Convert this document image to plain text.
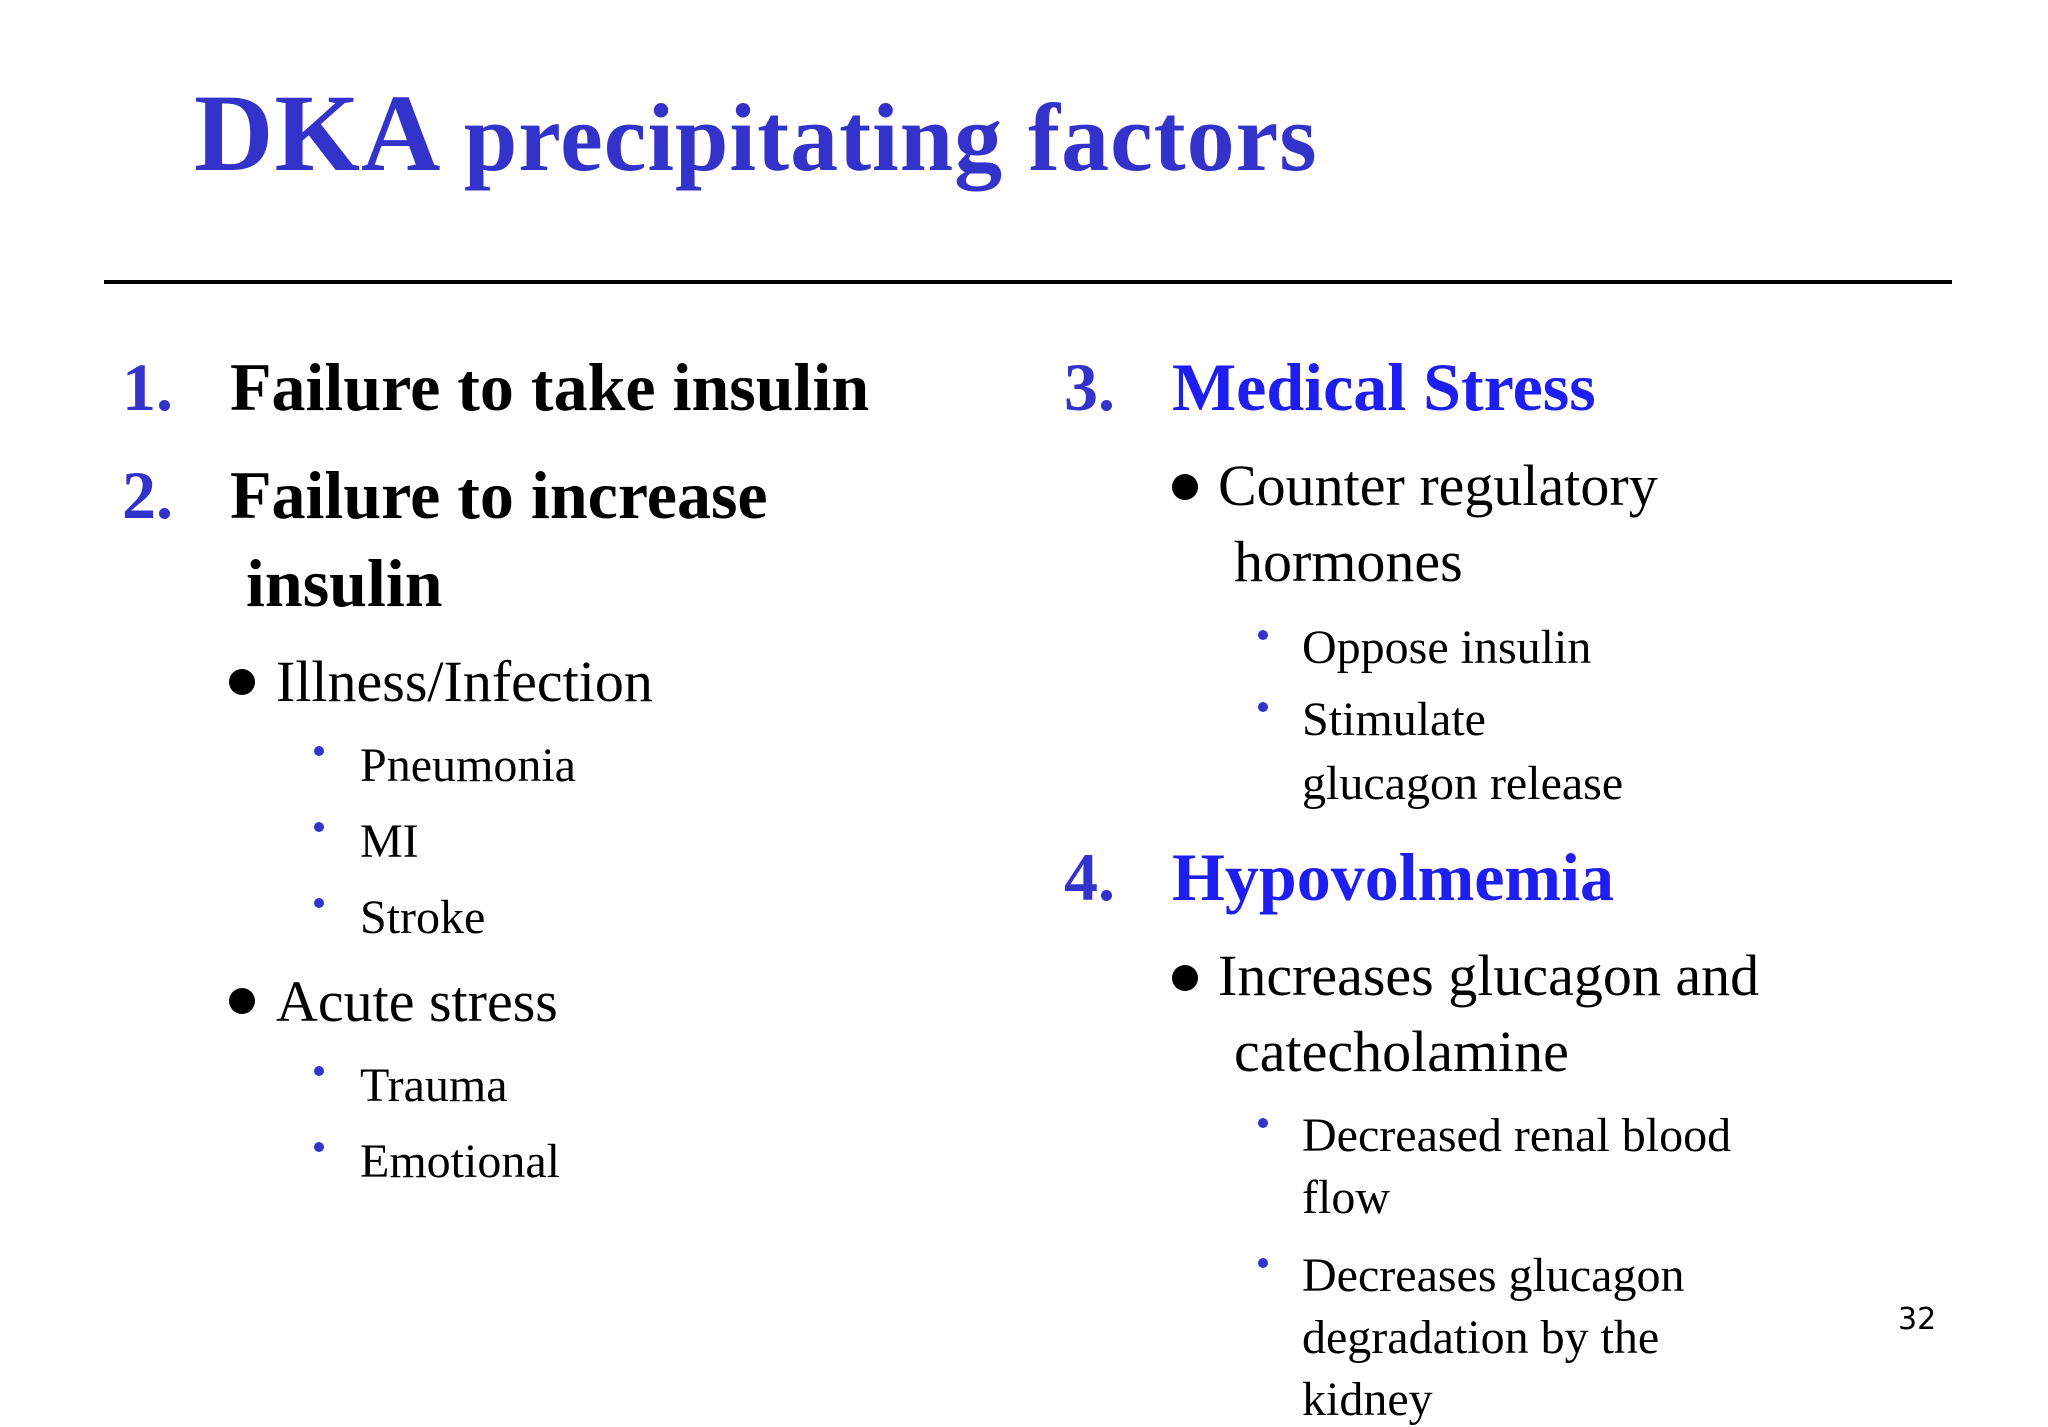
DKA precipitating factors
1. Failure to take insulin
2. Failure to increase
insulin
Illness/Infection
Pneumonia
MI
Stroke
Acute stress
Trauma
Emotional
3. Medical Stress
Counter regulatory
hormones
Oppose insulin
Stimulate
glucagon release
4. Hypovolmemia
Increases glucagon and
catecholamine
Decreased renal blood
flow
Decreases glucagon
degradation by the
kidney
32
